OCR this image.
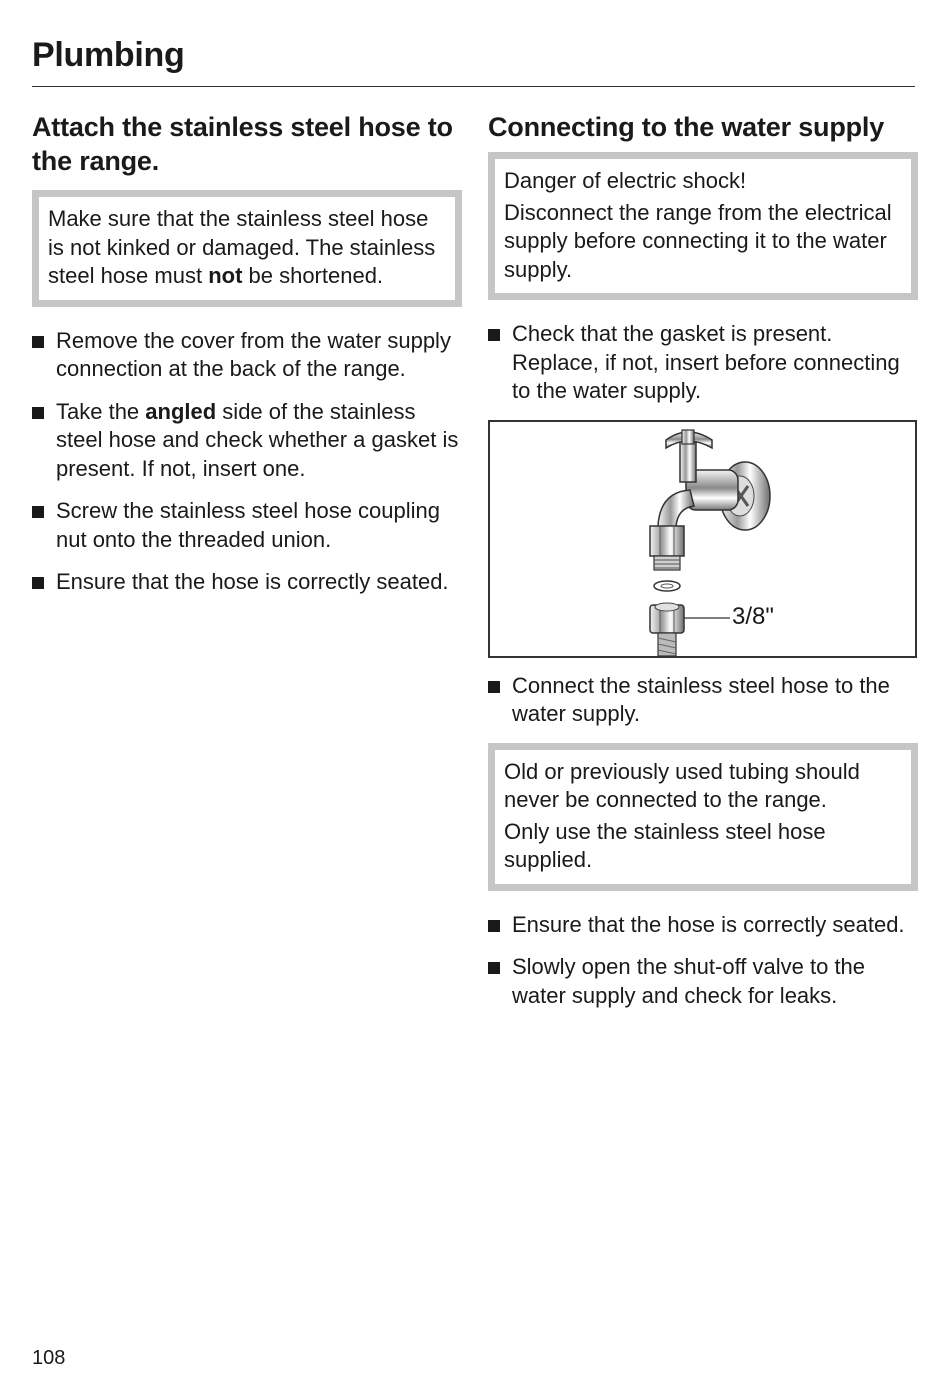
Plumbing
Attach the stainless steel hose to the range.

Make sure that the stainless steel hose is not kinked or damaged. The stainless steel hose must not be shortened.

Remove the cover from the water supply connection at the back of the range.
Take the angled side of the stainless steel hose and check whether a gasket is present. If not, insert one.
Screw the stainless steel hose coupling nut onto the threaded union.
Ensure that the hose is correctly seated.
Connecting to the water supply

Danger of electric shock!

Disconnect the range from the electrical supply before connecting it to the water supply.

Check that the gasket is present. Replace, if not, insert before connecting to the water supply.
3/8"
Connect the stainless steel hose to the water supply.

Old or previously used tubing should never be connected to the range.

Only use the stainless steel hose supplied.

Ensure that the hose is correctly seated.
Slowly open the shut-off valve to the water supply and check for leaks.
108
